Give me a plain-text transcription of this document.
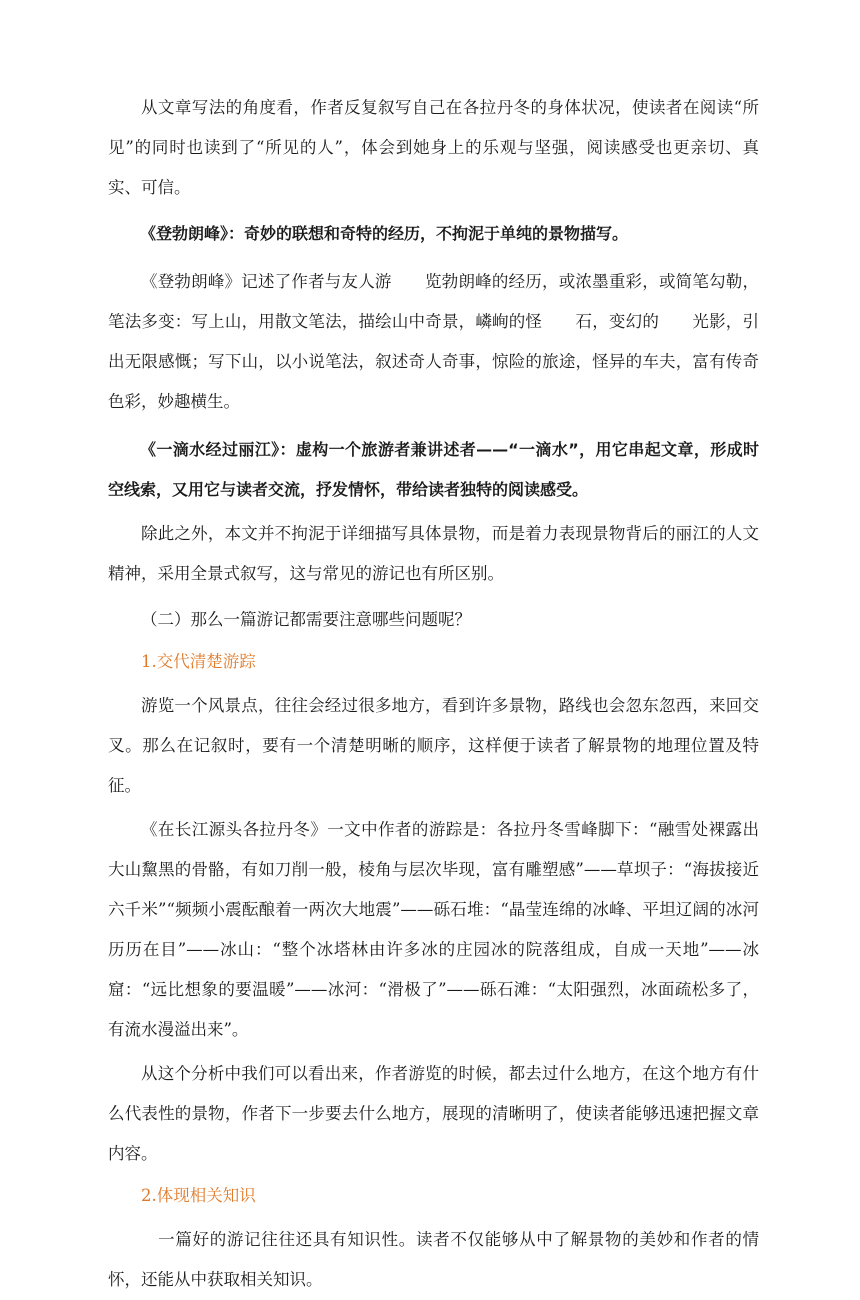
从文章写法的角度看，作者反复叙写自己在各拉丹冬的身体状况，使读者在阅读“所见”的同时也读到了“所见的人”，体会到她身上的乐观与坚强，阅读感受也更亲切、真实、可信。

《登勃朗峰》：奇妙的联想和奇特的经历，不拘泥于单纯的景物描写。

《登勃朗峰》记述了作者与友人游　　览勃朗峰的经历，或浓墨重彩，或简笔勾勒，笔法多变：写上山，用散文笔法，描绘山中奇景，嶙峋的怪　　石，变幻的　　光影，引出无限感慨；写下山，以小说笔法，叙述奇人奇事，惊险的旅途，怪异的车夫，富有传奇色彩，妙趣横生。

《一滴水经过丽江》：虚构一个旅游者兼讲述者——“一滴水”，用它串起文章，形成时空线索，又用它与读者交流，抒发情怀，带给读者独特的阅读感受。

除此之外，本文并不拘泥于详细描写具体景物，而是着力表现景物背后的丽江的人文精神，采用全景式叙写，这与常见的游记也有所区别。

（二）那么一篇游记都需要注意哪些问题呢？

1.交代清楚游踪

游览一个风景点，往往会经过很多地方，看到许多景物，路线也会忽东忽西，来回交叉。那么在记叙时，要有一个清楚明晰的顺序，这样便于读者了解景物的地理位置及特征。

《在长江源头各拉丹冬》一文中作者的游踪是：各拉丹冬雪峰脚下：“融雪处裸露出大山黧黑的骨骼，有如刀削一般，棱角与层次毕现，富有雕塑感”——草坝子：“海拔接近六千米”“频频小震酝酿着一两次大地震”——砾石堆：“晶莹连绵的冰峰、平坦辽阔的冰河历历在目”——冰山：“整个冰塔林由许多冰的庄园冰的院落组成，自成一天地”——冰窟：“远比想象的要温暖”——冰河：“滑极了”——砾石滩：“太阳强烈，冰面疏松多了，有流水漫溢出来”。

从这个分析中我们可以看出来，作者游览的时候，都去过什么地方，在这个地方有什么代表性的景物，作者下一步要去什么地方，展现的清晰明了，使读者能够迅速把握文章内容。

2.体现相关知识

　一篇好的游记往往还具有知识性。读者不仅能够从中了解景物的美妙和作者的情怀，还能从中获取相关知识。
